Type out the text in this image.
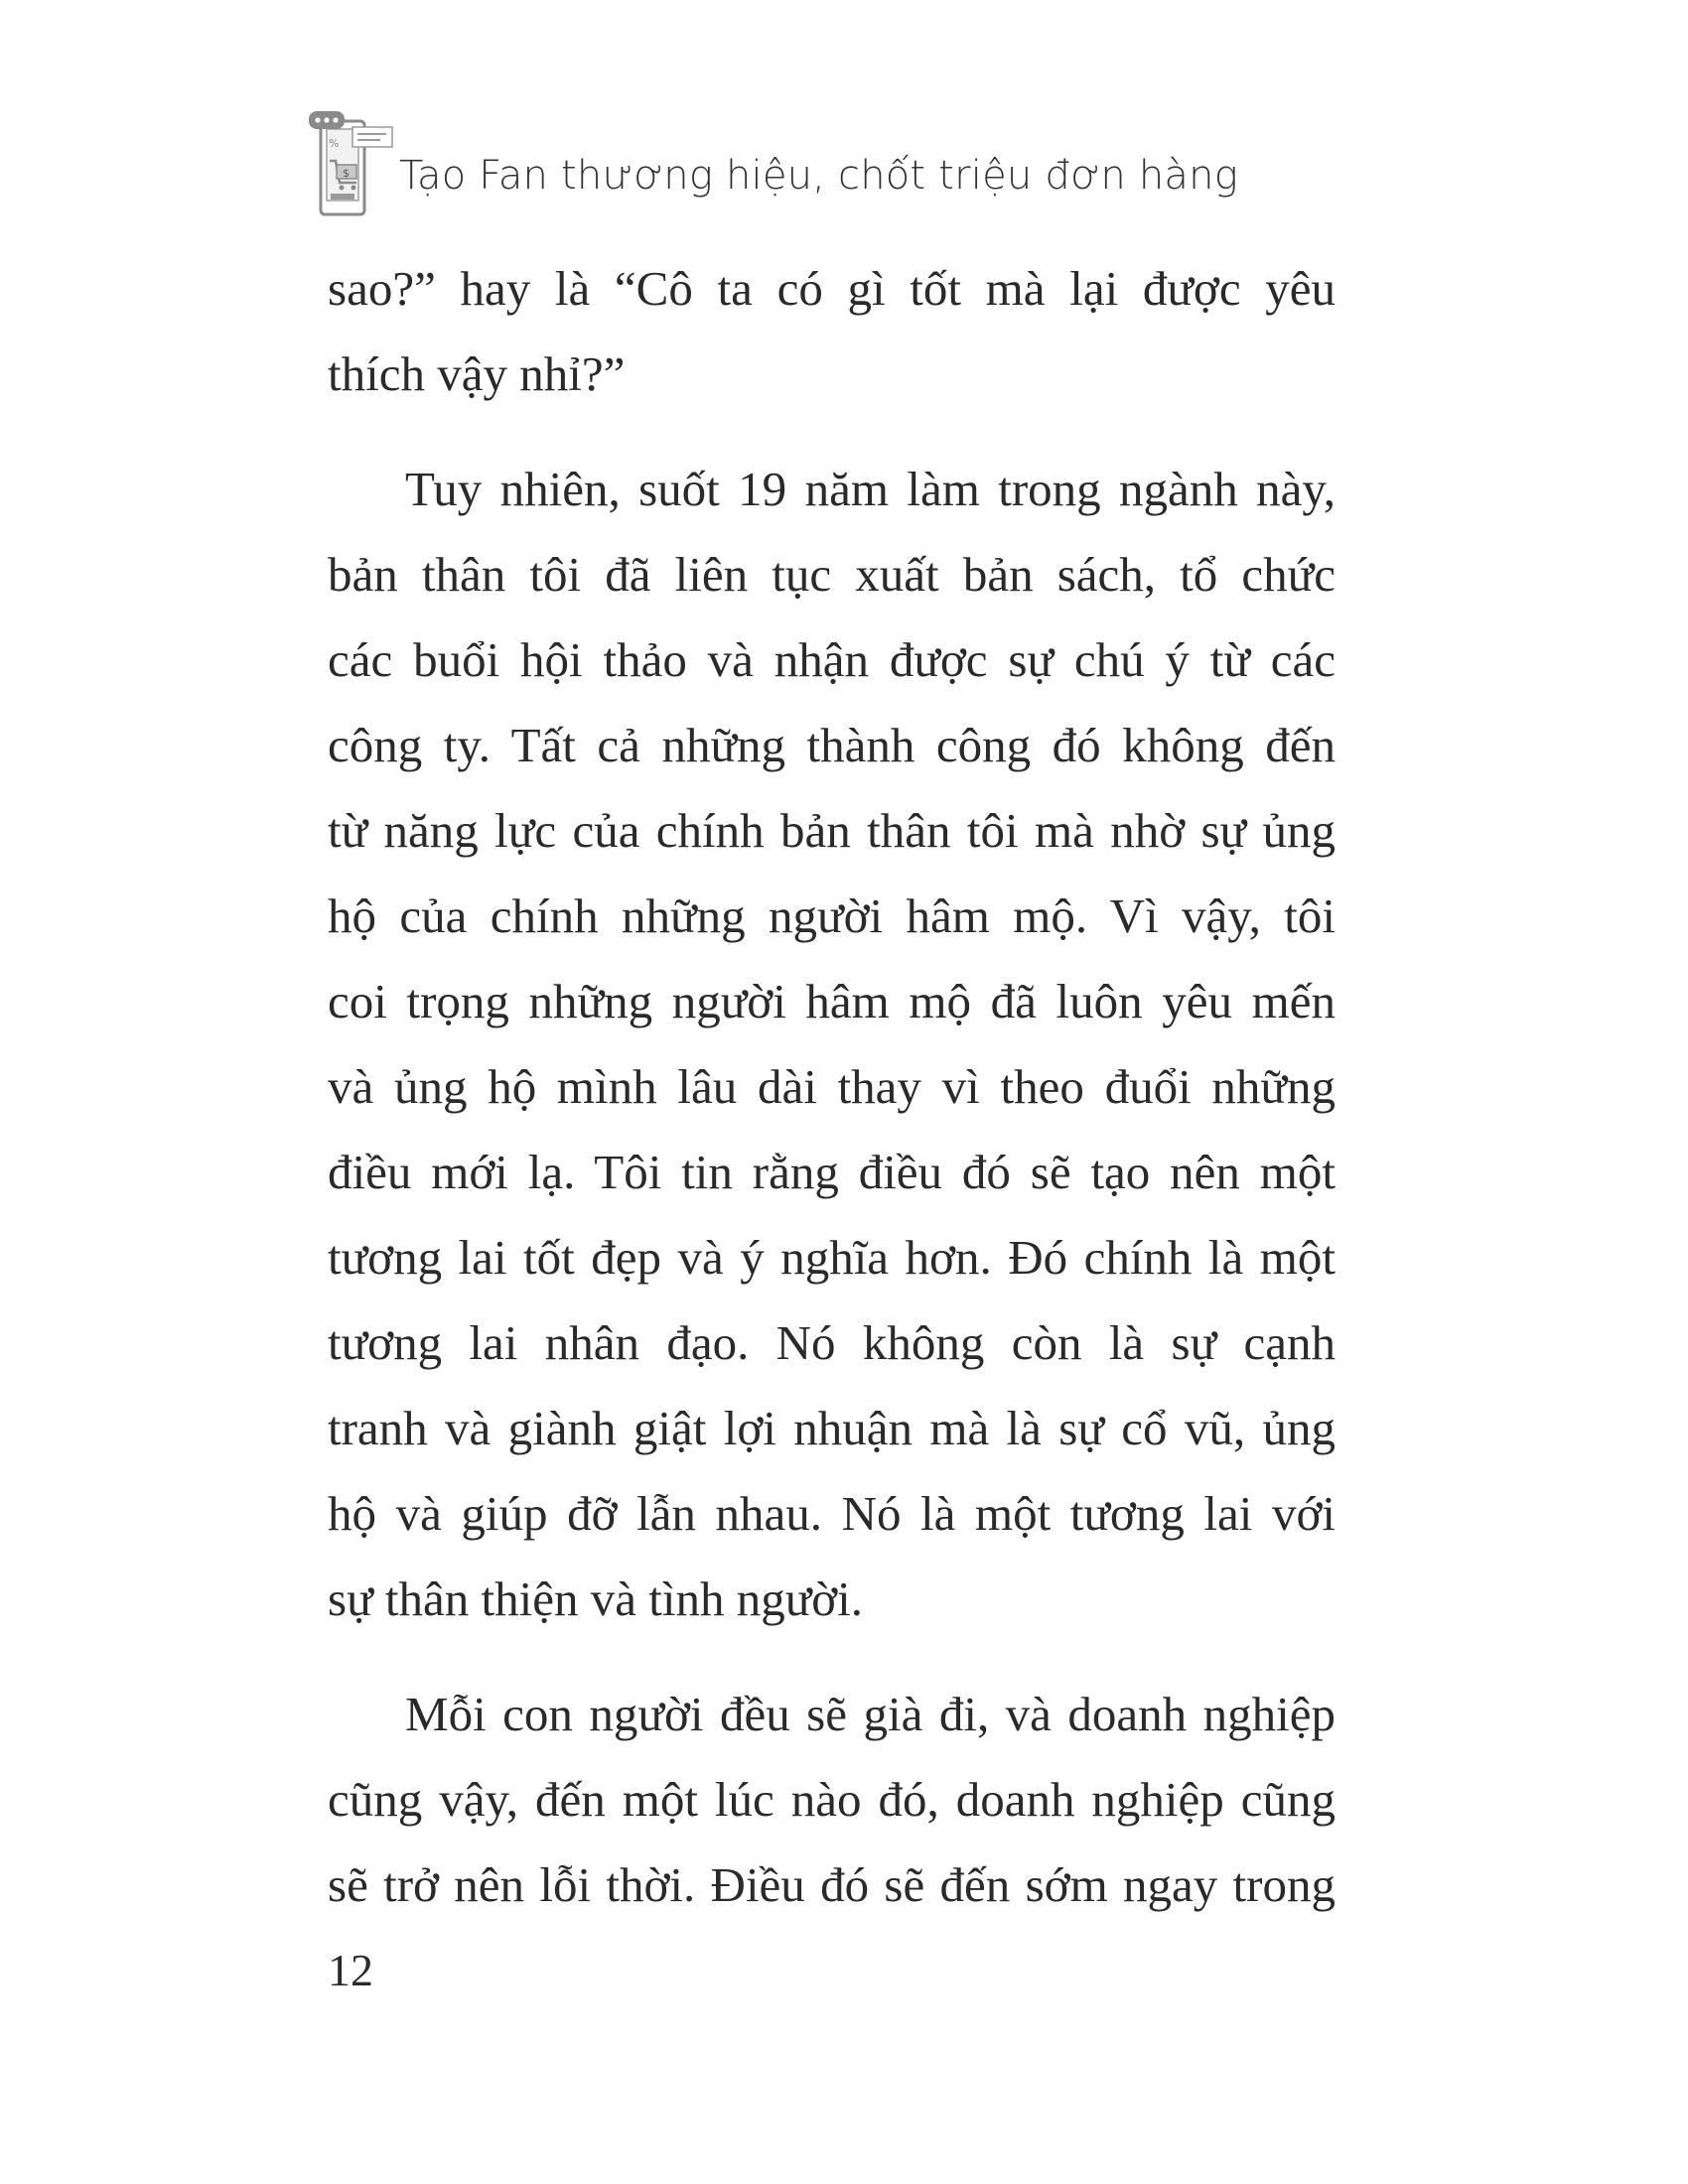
%
$ Tạo Fan thương hiệu, chốt triệu đơn hàng
sao?” hay là “Cô ta có gì tốt mà lại được yêu
thích vậy nhỉ?”
Tuy nhiên, suốt 19 năm làm trong ngành này,
bản thân tôi đã liên tục xuất bản sách, tổ chức
các buổi hội thảo và nhận được sự chú ý từ các
công ty. Tất cả những thành công đó không đến
từ năng lực của chính bản thân tôi mà nhờ sự ủng
hộ của chính những người hâm mộ. Vì vậy, tôi
coi trọng những người hâm mộ đã luôn yêu mến
và ủng hộ mình lâu dài thay vì theo đuổi những
điều mới lạ. Tôi tin rằng điều đó sẽ tạo nên một
tương lai tốt đẹp và ý nghĩa hơn. Đó chính là một
tương lai nhân đạo. Nó không còn là sự cạnh
tranh và giành giật lợi nhuận mà là sự cổ vũ, ủng
hộ và giúp đỡ lẫn nhau. Nó là một tương lai với
sự thân thiện và tình người.
Mỗi con người đều sẽ già đi, và doanh nghiệp
cũng vậy, đến một lúc nào đó, doanh nghiệp cũng
sẽ trở nên lỗi thời. Điều đó sẽ đến sớm ngay trong
12
